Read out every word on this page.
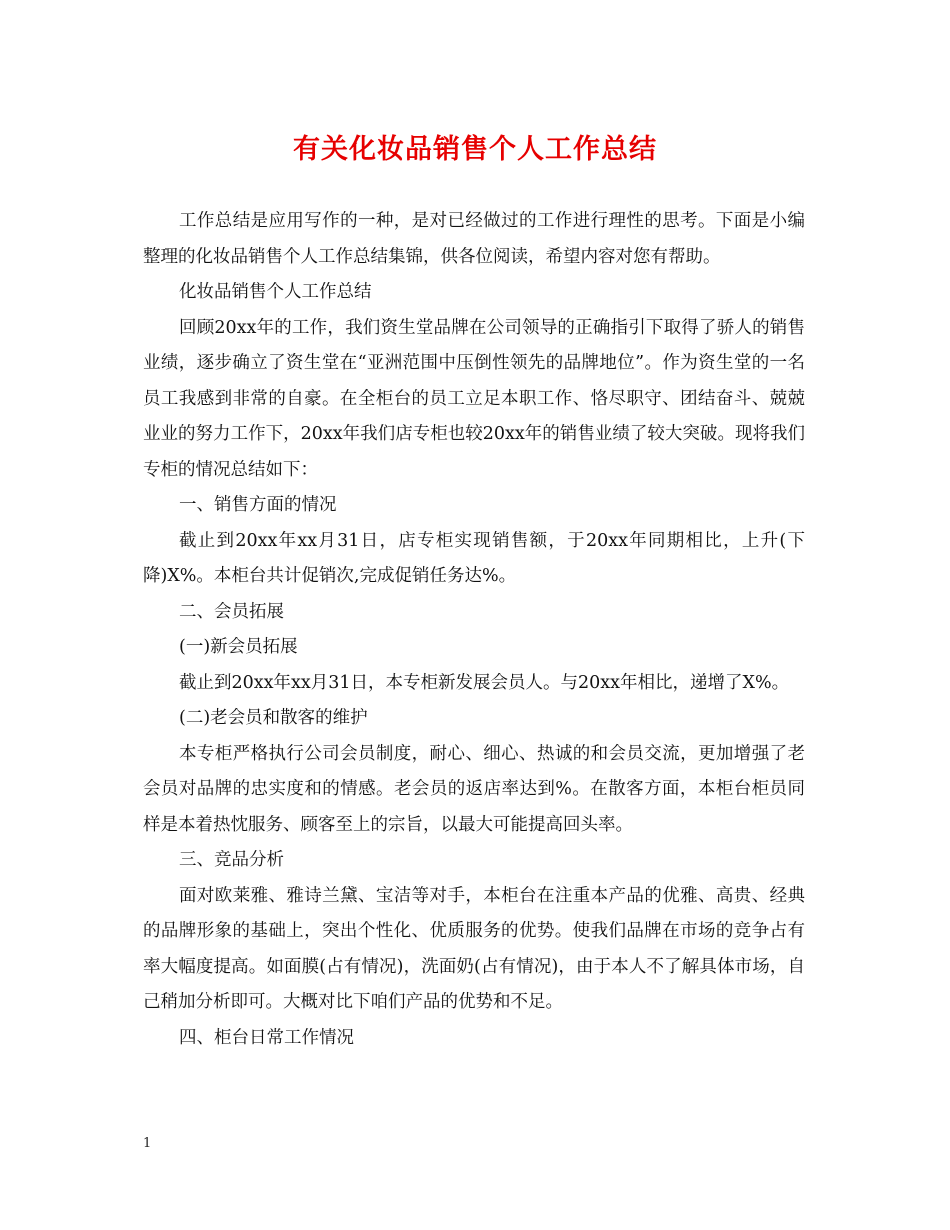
有关化妆品销售个人工作总结

工作总结是应用写作的一种，是对已经做过的工作进行理性的思考。下面是小编整理的化妆品销售个人工作总结集锦，供各位阅读，希望内容对您有帮助。

化妆品销售个人工作总结

回顾20xx年的工作，我们资生堂品牌在公司领导的正确指引下取得了骄人的销售业绩，逐步确立了资生堂在“亚洲范围中压倒性领先的品牌地位”。作为资生堂的一名员工我感到非常的自豪。在全柜台的员工立足本职工作、恪尽职守、团结奋斗、兢兢业业的努力工作下，20xx年我们店专柜也较20xx年的销售业绩了较大突破。现将我们专柜的情况总结如下：

一、销售方面的情况

截止到20xx年xx月31日，店专柜实现销售额，于20xx年同期相比，上升(下降)X%。本柜台共计促销次,完成促销任务达%。

二、会员拓展

(一)新会员拓展

截止到20xx年xx月31日，本专柜新发展会员人。与20xx年相比，递增了X%。

(二)老会员和散客的维护

本专柜严格执行公司会员制度，耐心、细心、热诚的和会员交流，更加增强了老会员对品牌的忠实度和的情感。老会员的返店率达到%。在散客方面，本柜台柜员同样是本着热忱服务、顾客至上的宗旨，以最大可能提高回头率。

三、竞品分析

面对欧莱雅、雅诗兰黛、宝洁等对手，本柜台在注重本产品的优雅、高贵、经典的品牌形象的基础上，突出个性化、优质服务的优势。使我们品牌在市场的竞争占有率大幅度提高。如面膜(占有情况)，洗面奶(占有情况)，由于本人不了解具体市场，自己稍加分析即可。大概对比下咱们产品的优势和不足。

四、柜台日常工作情况

1
